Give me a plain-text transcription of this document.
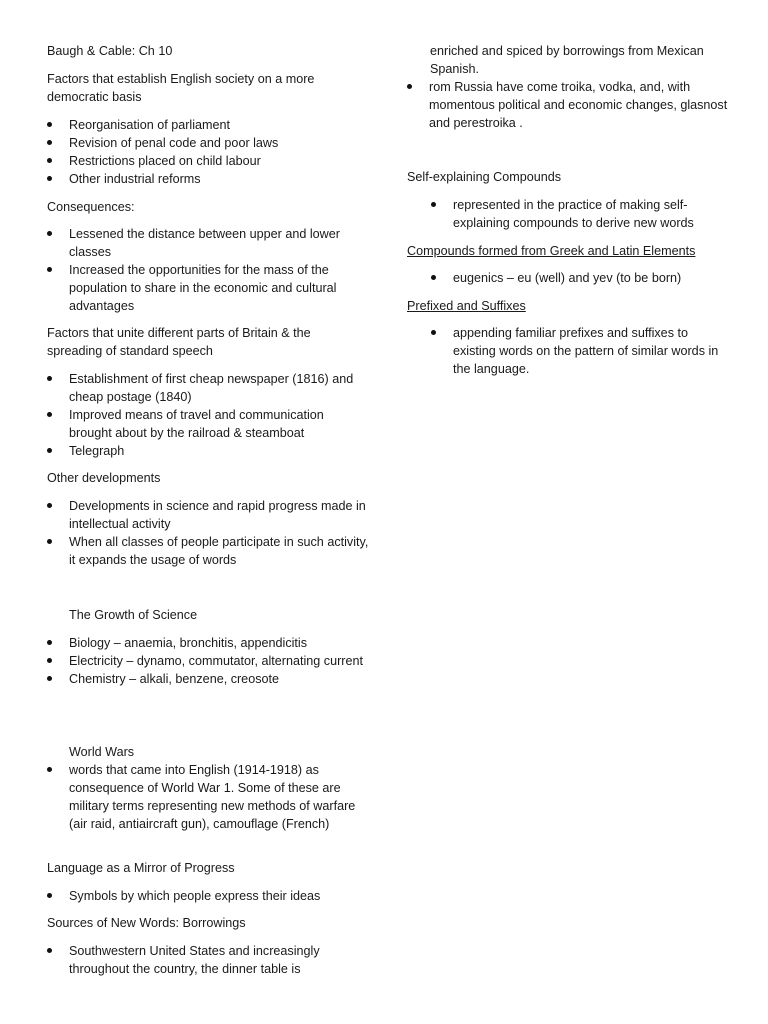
Baugh & Cable: Ch 10

Factors that establish English society on a more democratic basis

Reorganisation of parliament
Revision of penal code and poor laws
Restrictions placed on child labour
Other industrial reforms

Consequences:

Lessened the distance between upper and lower classes
Increased the opportunities for the mass of the population to share in the economic and cultural advantages

Factors that unite different parts of Britain & the spreading of standard speech

Establishment of first cheap newspaper (1816) and cheap postage (1840)
Improved means of travel and communication brought about by the railroad & steamboat
Telegraph

Other developments

Developments in science and rapid progress made in intellectual activity
When all classes of people participate in such activity, it expands the usage of words

The Growth of Science

Biology – anaemia, bronchitis, appendicitis
Electricity – dynamo, commutator, alternating current
Chemistry – alkali, benzene, creosote

World Wars

words that came into English (1914-1918) as consequence of World War 1. Some of these are military terms representing new methods of warfare (air raid, antiaircraft gun), camouflage (French)

Language as a Mirror of Progress

Symbols by which people express their ideas

Sources of New Words: Borrowings

Southwestern United States and increasingly throughout the country, the dinner table is

enriched and spiced by borrowings from Mexican Spanish.

rom Russia have come troika, vodka, and, with momentous political and economic changes, glasnost and perestroika .

Self-explaining Compounds

represented in the practice of making self-explaining compounds to derive new words

Compounds formed from Greek and Latin Elements

eugenics – eu (well) and yev (to be born)

Prefixed and Suffixes

appending familiar prefixes and suffixes to existing words on the pattern of similar words in the language.
